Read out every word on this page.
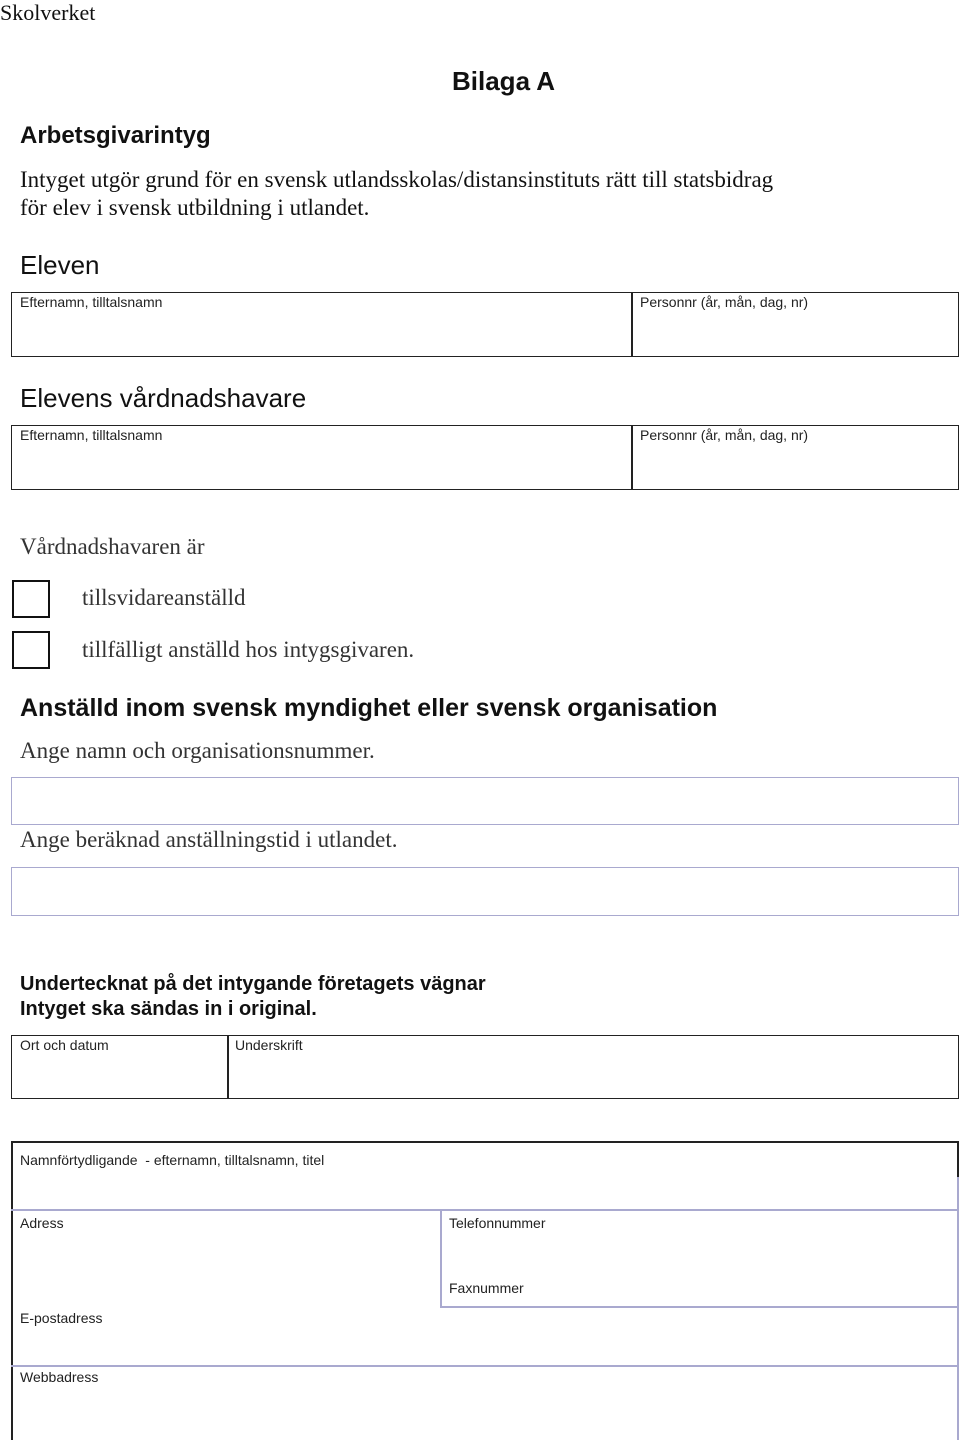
Skolverket
Bilaga A
Arbetsgivarintyg
Intyget utgör grund för en svensk utlandsskolas/distansinstituts rätt till statsbidrag
för elev i svensk utbildning i utlandet.
Eleven
Efternamn, tilltalsnamn	Personnr (år, mån, dag, nr)
Elevens vårdnadshavare
Efternamn, tilltalsnamn	Personnr (år, mån, dag, nr)
Vårdnadshavaren är
tillsvidareanställd
tillfälligt anställd hos intygsgivaren.
Anställd inom svensk myndighet eller svensk organisation
Ange namn och organisationsnummer.
Ange beräknad anställningstid i utlandet.
Undertecknat på det intygande företagets vägnar
Intyget ska sändas in i original.
Ort och datum	Underskrift
Namnförtydligande  - efternamn, tilltalsnamn, titel
Adress	Telefonnummer
Faxnummer
E-postadress
Webbadress
